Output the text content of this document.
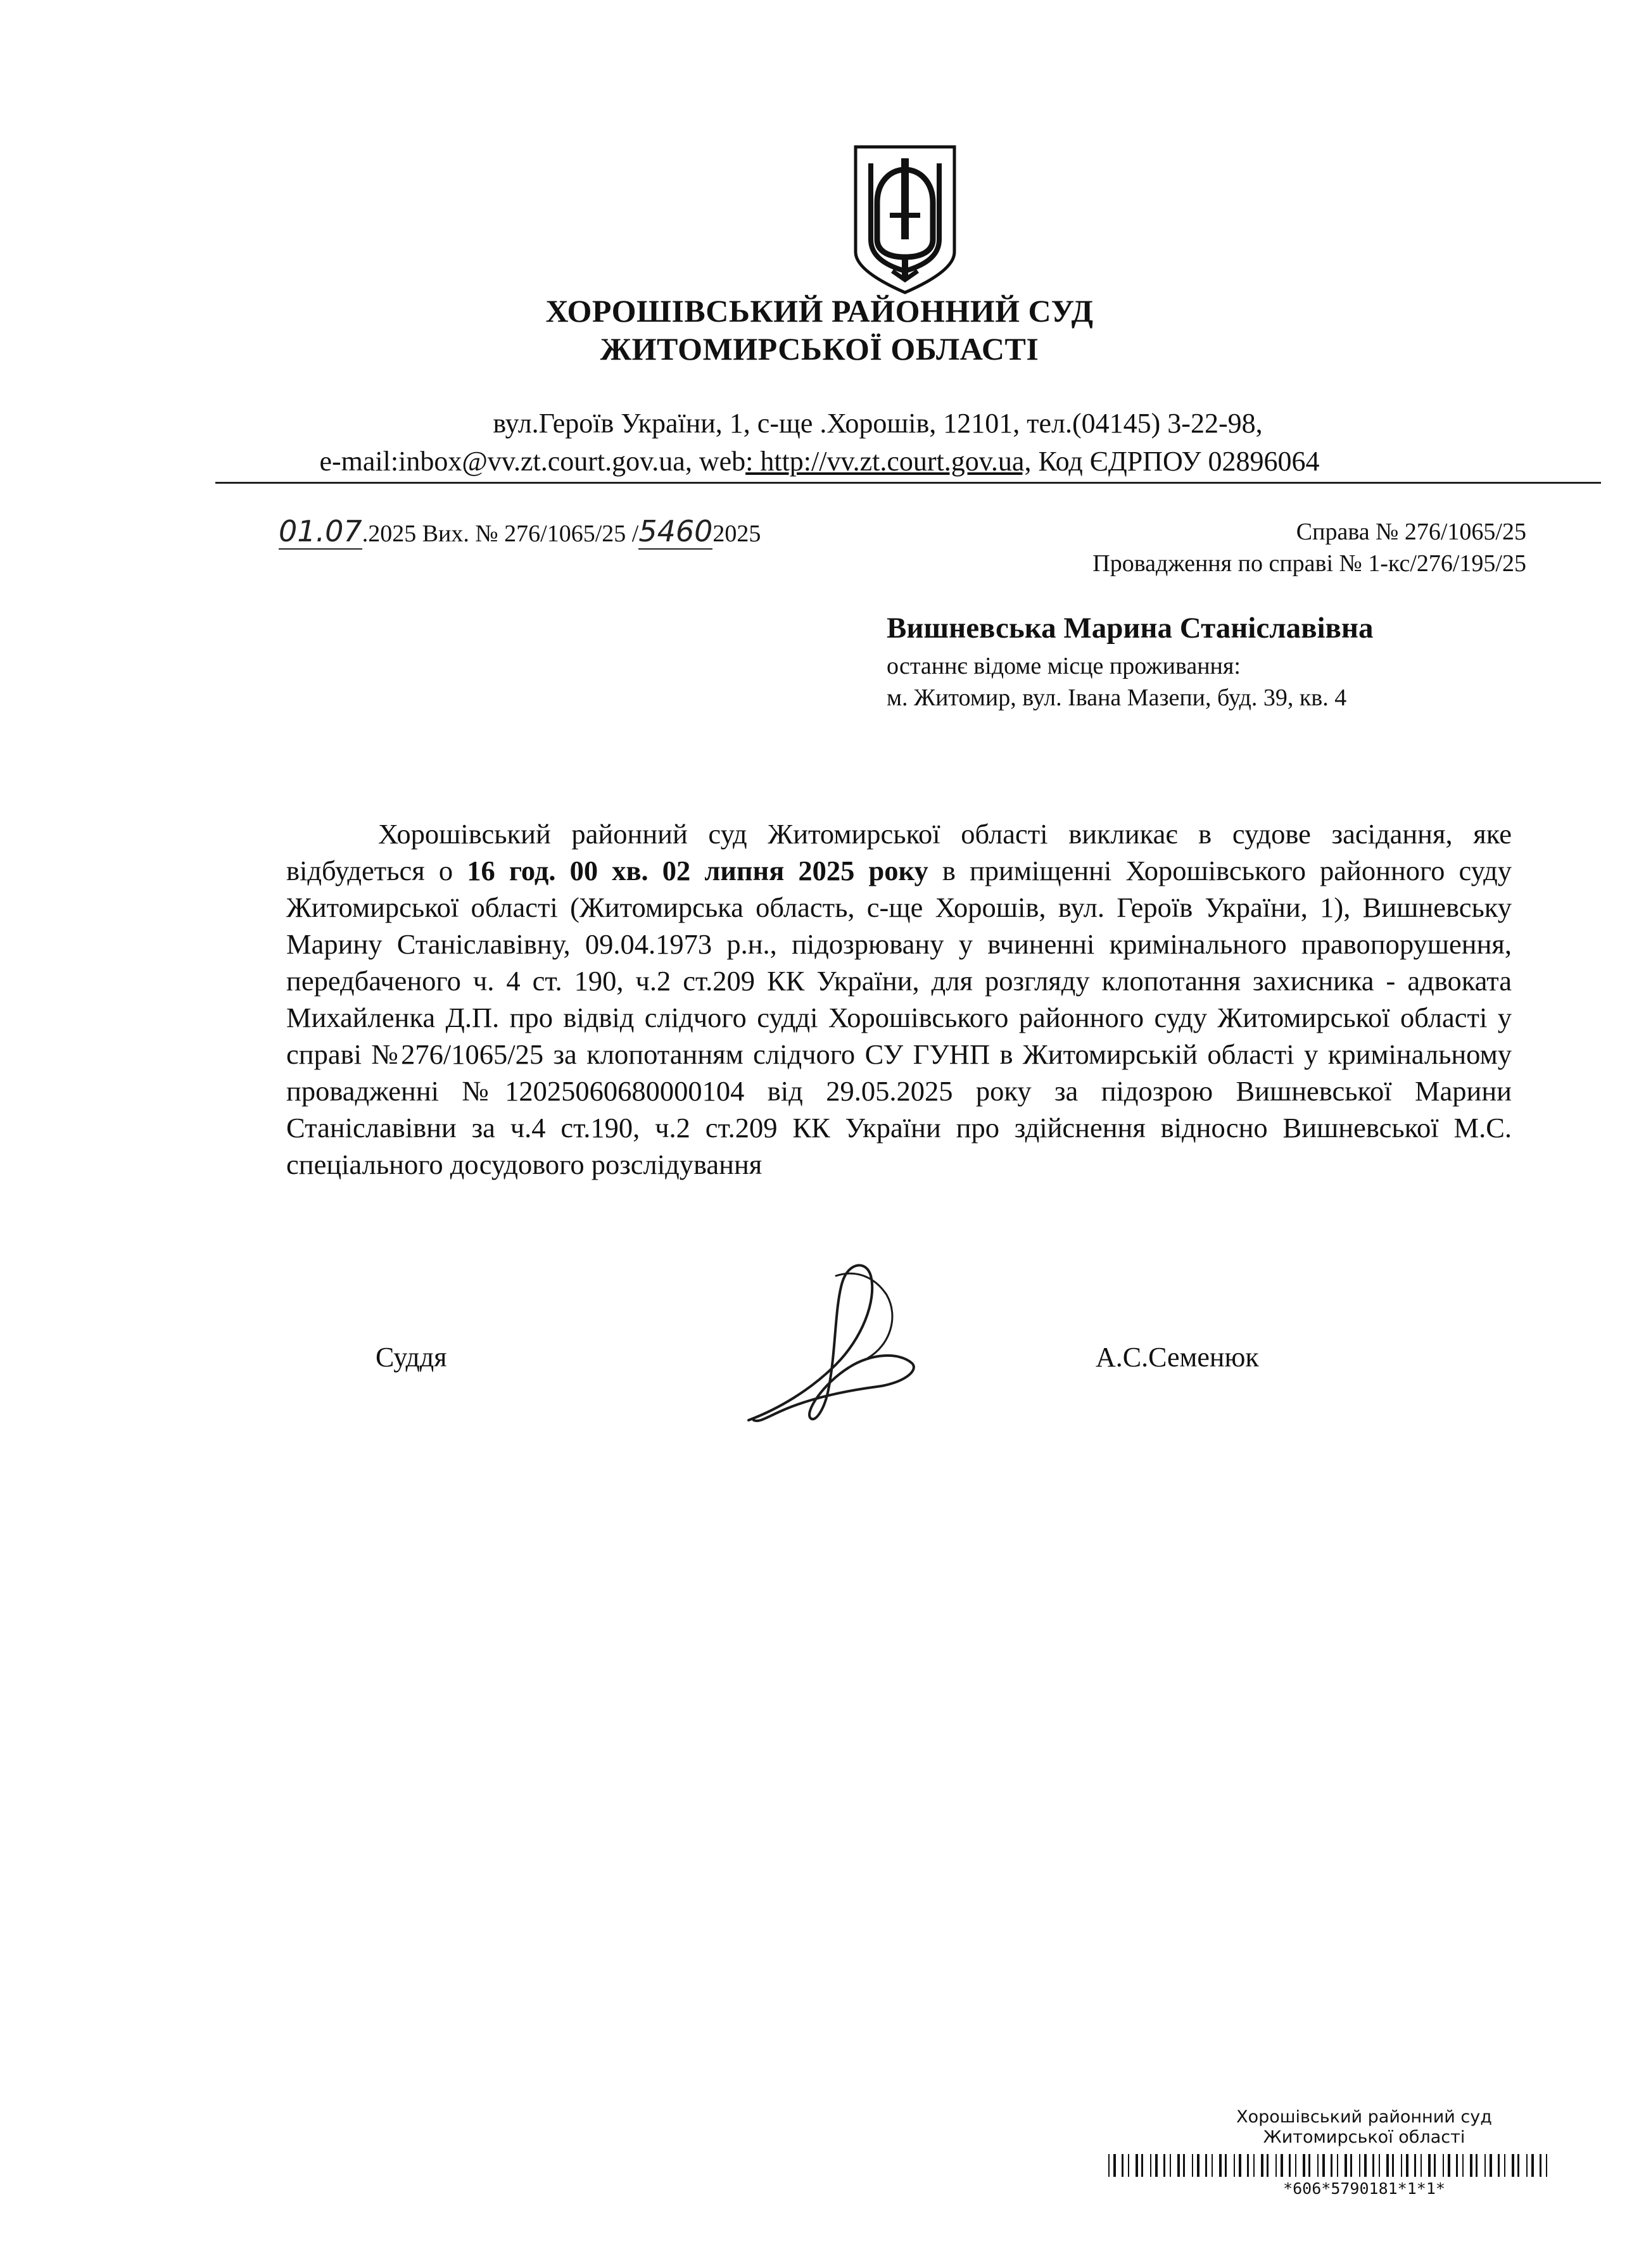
ХОРОШІВСЬКИЙ РАЙОННИЙ СУД
ЖИТОМИРСЬКОЇ ОБЛАСТІ
вул.Героїв України, 1, с-ще .Хорошів, 12101, тел.(04145) 3-22-98,
e-mail:inbox@vv.zt.court.gov.ua, web: http://vv.zt.court.gov.ua, Код ЄДРПОУ 02896064
01.07.2025 Вих. № 276/1065/25 /54602025	Справа № 276/1065/25
Провадження по справі № 1-кс/276/195/25
Вишневська Марина Станіславівна
останнє відоме місце проживання:
м. Житомир, вул. Івана Мазепи, буд. 39, кв. 4
Хорошівський районний суд Житомирської області викликає в судове засідання, яке відбудеться о 16 год. 00 хв. 02 липня 2025 року в приміщенні Хорошівського районного суду Житомирської області (Житомирська область, с-ще Хорошів, вул. Героїв України, 1), Вишневську Марину Станіславівну, 09.04.1973 р.н., підозрювану у вчиненні кримінального правопорушення, передбаченого ч. 4 ст. 190, ч.2 ст.209 КК України, для розгляду клопотання захисника - адвоката Михайленка Д.П. про відвід слідчого судді Хорошівського районного суду Житомирської області у справі №276/1065/25 за клопотанням слідчого СУ ГУНП в Житомирській області у кримінальному провадженні №12025060680000104 від 29.05.2025 року за підозрою Вишневської Марини Станіславівни за ч.4 ст.190, ч.2 ст.209 КК України про здійснення відносно Вишневської М.С. спеціального досудового розслідування
Суддя	А.С.Семенюк
Хорошівський районний суд
Житомирської області
*606*5790181*1*1*
